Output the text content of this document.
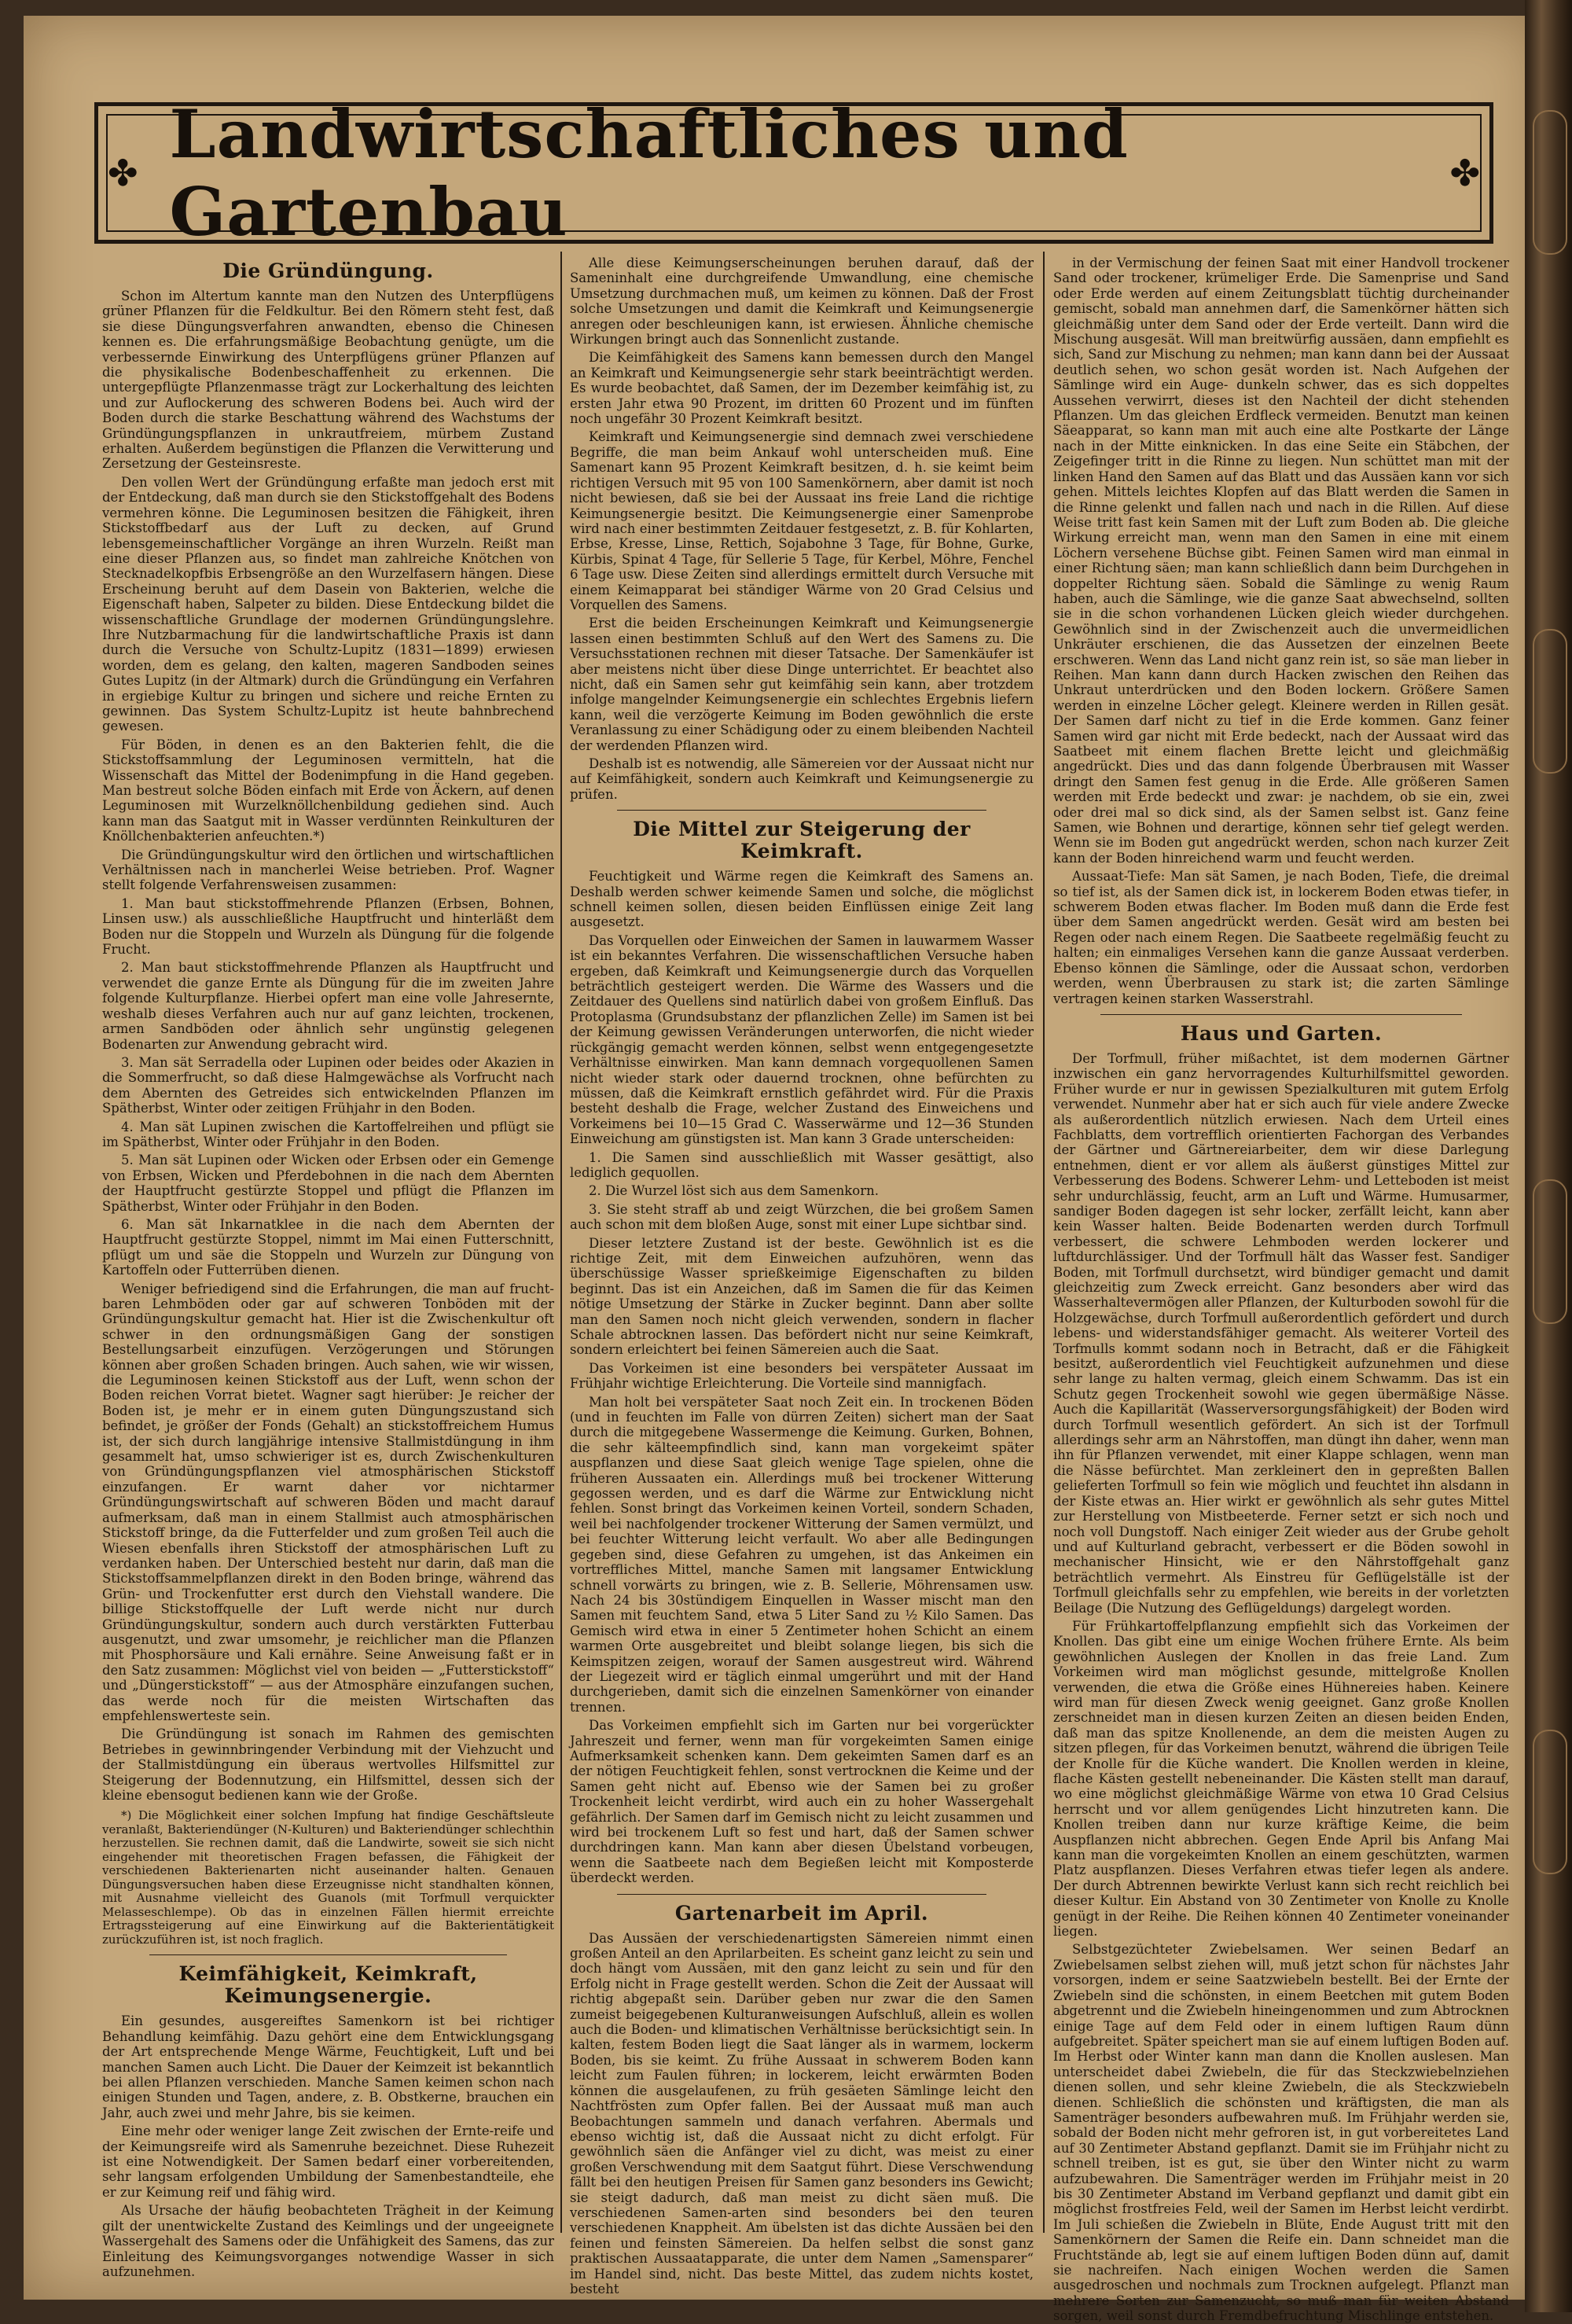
✤ Landwirtschaftliches und Gartenbau	✤
Die Gründüngung.

Schon im Altertum kannte man den Nutzen des Unterpflügens grüner Pflanzen für die Feldkultur. Bei den Römern steht fest, daß sie diese Düngungsverfahren anwandten, ebenso die Chinesen kennen es. Die erfahrungsmäßige Beobachtung genügte, um die verbessernde Einwirkung des Unterpflügens grüner Pflanzen auf die physikalische Bodenbeschaffenheit zu erkennen. Die untergepflügte Pflanzenmasse trägt zur Lockerhaltung des leichten und zur Auflockerung des schweren Bodens bei. Auch wird der Boden durch die starke Beschattung während des Wachstums der Gründüngungspflanzen in unkrautfreiem, mürbem Zustand erhalten. Außerdem begünstigen die Pflanzen die Verwitterung und Zersetzung der Gesteinsreste.

Den vollen Wert der Gründüngung erfaßte man jedoch erst mit der Entdeckung, daß man durch sie den Stickstoffgehalt des Bodens vermehren könne. Die Leguminosen besitzen die Fähigkeit, ihren Stickstoffbedarf aus der Luft zu decken, auf Grund lebensgemeinschaftlicher Vorgänge an ihren Wurzeln. Reißt man eine dieser Pflanzen aus, so findet man zahlreiche Knötchen von Stecknadelkopfbis Erbsengröße an den Wurzelfasern hängen. Diese Erscheinung beruht auf dem Dasein von Bakterien, welche die Eigenschaft haben, Salpeter zu bilden. Diese Entdeckung bildet die wissenschaftliche Grundlage der modernen Gründüngungslehre. Ihre Nutzbarmachung für die landwirtschaftliche Praxis ist dann durch die Versuche von Schultz-Lupitz (1831—1899) erwiesen worden, dem es gelang, den kalten, mageren Sandboden seines Gutes Lupitz (in der Altmark) durch die Gründüngung ein Verfahren in ergiebige Kultur zu bringen und sichere und reiche Ernten zu gewinnen. Das System Schultz-Lupitz ist heute bahnbrechend gewesen.

Für Böden, in denen es an den Bakterien fehlt, die die Stickstoffsammlung der Leguminosen vermitteln, hat die Wissenschaft das Mittel der Bodenimpfung in die Hand gegeben. Man bestreut solche Böden einfach mit Erde von Äckern, auf denen Leguminosen mit Wurzelknöllchenbildung gediehen sind. Auch kann man das Saatgut mit in Wasser verdünnten Reinkulturen der Knöllchenbakterien anfeuchten.*)

Die Gründüngungskultur wird den örtlichen und wirtschaftlichen Verhältnissen nach in mancherlei Weise betrieben. Prof. Wagner stellt folgende Verfahrensweisen zusammen:

1. Man baut stickstoffmehrende Pflanzen (Erbsen, Bohnen, Linsen usw.) als ausschließliche Hauptfrucht und hinterläßt dem Boden nur die Stoppeln und Wurzeln als Düngung für die folgende Frucht.

2. Man baut stickstoffmehrende Pflanzen als Hauptfrucht und verwendet die ganze Ernte als Düngung für die im zweiten Jahre folgende Kulturpflanze. Hierbei opfert man eine volle Jahresernte, weshalb dieses Verfahren auch nur auf ganz leichten, trockenen, armen Sandböden oder ähnlich sehr ungünstig gelegenen Bodenarten zur Anwendung gebracht wird.

3. Man sät Serradella oder Lupinen oder beides oder Akazien in die Sommerfrucht, so daß diese Halmgewächse als Vorfrucht nach dem Abernten des Getreides sich entwickelnden Pflanzen im Spätherbst, Winter oder zeitigen Frühjahr in den Boden.

4. Man sät Lupinen zwischen die Kartoffelreihen und pflügt sie im Spätherbst, Winter oder Frühjahr in den Boden.

5. Man sät Lupinen oder Wicken oder Erbsen oder ein Gemenge von Erbsen, Wicken und Pferdebohnen in die nach dem Abernten der Hauptfrucht gestürzte Stoppel und pflügt die Pflanzen im Spätherbst, Winter oder Frühjahr in den Boden.

6. Man sät Inkarnatklee in die nach dem Abernten der Hauptfrucht gestürzte Stoppel, nimmt im Mai einen Futterschnitt, pflügt um und säe die Stoppeln und Wurzeln zur Düngung von Kartoffeln oder Futterrüben dienen.

Weniger befriedigend sind die Erfahrungen, die man auf frucht- baren Lehmböden oder gar auf schweren Tonböden mit der Gründüngungskultur gemacht hat. Hier ist die Zwischenkultur oft schwer in den ordnungsmäßigen Gang der sonstigen Bestellungsarbeit einzufügen. Verzögerungen und Störungen können aber großen Schaden bringen. Auch sahen, wie wir wissen, die Leguminosen keinen Stickstoff aus der Luft, wenn schon der Boden reichen Vorrat bietet. Wagner sagt hierüber: Je reicher der Boden ist, je mehr er in einem guten Düngungszustand sich befindet, je größer der Fonds (Gehalt) an stickstoffreichem Humus ist, der sich durch langjährige intensive Stallmistdüngung in ihm gesammelt hat, umso schwieriger ist es, durch Zwischenkulturen von Gründüngungspflanzen viel atmosphärischen Stickstoff einzufangen. Er warnt daher vor nichtarmer Gründüngungswirtschaft auf schweren Böden und macht darauf aufmerksam, daß man in einem Stallmist auch atmosphärischen Stickstoff bringe, da die Futterfelder und zum großen Teil auch die Wiesen ebenfalls ihren Stickstoff der atmosphärischen Luft zu verdanken haben. Der Unterschied besteht nur darin, daß man die Stickstoffsammelpflanzen direkt in den Boden bringe, während das Grün- und Trockenfutter erst durch den Viehstall wandere. Die billige Stickstoffquelle der Luft werde nicht nur durch Gründüngungskultur, sondern auch durch verstärkten Futterbau ausgenutzt, und zwar umsomehr, je reichlicher man die Pflanzen mit Phosphorsäure und Kali ernähre. Seine Anweisung faßt er in den Satz zusammen: Möglichst viel von beiden — „Futterstickstoff“ und „Düngerstickstoff“ — aus der Atmosphäre einzufangen suchen, das werde noch für die meisten Wirtschaften das empfehlenswerteste sein.

Die Gründüngung ist sonach im Rahmen des gemischten Betriebes in gewinnbringender Verbindung mit der Viehzucht und der Stallmistdüngung ein überaus wertvolles Hilfsmittel zur Steigerung der Bodennutzung, ein Hilfsmittel, dessen sich der kleine ebensogut bedienen kann wie der Große.

*) Die Möglichkeit einer solchen Impfung hat findige Geschäftsleute veranlaßt, Bakteriendünger (N-Kulturen) und Bakteriendünger schlechthin herzustellen. Sie rechnen damit, daß die Landwirte, soweit sie sich nicht eingehender mit theoretischen Fragen befassen, die Fähigkeit der verschiedenen Bakterienarten nicht auseinander halten. Genauen Düngungsversuchen haben diese Erzeugnisse nicht standhalten können, mit Ausnahme vielleicht des Guanols (mit Torfmull verquickter Melasseschlempe). Ob das in einzelnen Fällen hiermit erreichte Ertragssteigerung auf eine Einwirkung auf die Bakterientätigkeit zurückzuführen ist, ist noch fraglich.

Keimfähigkeit, Keimkraft, Keimungsenergie.

Ein gesundes, ausgereiftes Samenkorn ist bei richtiger Behandlung keimfähig. Dazu gehört eine dem Entwicklungsgang der Art entsprechende Menge Wärme, Feuchtigkeit, Luft und bei manchen Samen auch Licht. Die Dauer der Keimzeit ist bekanntlich bei allen Pflanzen verschieden. Manche Samen keimen schon nach einigen Stunden und Tagen, andere, z. B. Obstkerne, brauchen ein Jahr, auch zwei und mehr Jahre, bis sie keimen.

Eine mehr oder weniger lange Zeit zwischen der Ernte-reife und der Keimungsreife wird als Samenruhe bezeichnet. Diese Ruhezeit ist eine Notwendigkeit. Der Samen bedarf einer vorbereitenden, sehr langsam erfolgenden Umbildung der Samenbestandteile, ehe er zur Keimung reif und fähig wird.

Als Ursache der häufig beobachteten Trägheit in der Keimung gilt der unentwickelte Zustand des Keimlings und der ungeeignete Wassergehalt des Samens oder die Unfähigkeit des Samens, das zur Einleitung des Keimungsvorganges notwendige Wasser in sich aufzunehmen.

Alle diese Keimungserscheinungen beruhen darauf, daß der Sameninhalt eine durchgreifende Umwandlung, eine chemische Umsetzung durchmachen muß, um keimen zu können. Daß der Frost solche Umsetzungen und damit die Keimkraft und Keimungsenergie anregen oder beschleunigen kann, ist erwiesen. Ähnliche chemische Wirkungen bringt auch das Sonnenlicht zustande.

Die Keimfähigkeit des Samens kann bemessen durch den Mangel an Keimkraft und Keimungsenergie sehr stark beeinträchtigt werden. Es wurde beobachtet, daß Samen, der im Dezember keimfähig ist, zu ersten Jahr etwa 90 Prozent, im dritten 60 Prozent und im fünften noch ungefähr 30 Prozent Keimkraft besitzt.

Keimkraft und Keimungsenergie sind demnach zwei verschiedene Begriffe, die man beim Ankauf wohl unterscheiden muß. Eine Samenart kann 95 Prozent Keimkraft besitzen, d. h. sie keimt beim richtigen Versuch mit 95 von 100 Samenkörnern, aber damit ist noch nicht bewiesen, daß sie bei der Aussaat ins freie Land die richtige Keimungsenergie besitzt. Die Keimungsenergie einer Samenprobe wird nach einer bestimmten Zeitdauer festgesetzt, z. B. für Kohlarten, Erbse, Kresse, Linse, Rettich, Sojabohne 3 Tage, für Bohne, Gurke, Kürbis, Spinat 4 Tage, für Sellerie 5 Tage, für Kerbel, Möhre, Fenchel 6 Tage usw. Diese Zeiten sind allerdings ermittelt durch Versuche mit einem Keimapparat bei ständiger Wärme von 20 Grad Celsius und Vorquellen des Samens.

Erst die beiden Erscheinungen Keimkraft und Keimungsenergie lassen einen bestimmten Schluß auf den Wert des Samens zu. Die Versuchsstationen rechnen mit dieser Tatsache. Der Samenkäufer ist aber meistens nicht über diese Dinge unterrichtet. Er beachtet also nicht, daß ein Samen sehr gut keimfähig sein kann, aber trotzdem infolge mangelnder Keimungsenergie ein schlechtes Ergebnis liefern kann, weil die verzögerte Keimung im Boden gewöhnlich die erste Veranlassung zu einer Schädigung oder zu einem bleibenden Nachteil der werdenden Pflanzen wird.

Deshalb ist es notwendig, alle Sämereien vor der Aussaat nicht nur auf Keimfähigkeit, sondern auch Keimkraft und Keimungsenergie zu prüfen.

Die Mittel zur Steigerung der Keimkraft.

Feuchtigkeit und Wärme regen die Keimkraft des Samens an. Deshalb werden schwer keimende Samen und solche, die möglichst schnell keimen sollen, diesen beiden Einflüssen einige Zeit lang ausgesetzt.

Das Vorquellen oder Einweichen der Samen in lauwarmem Wasser ist ein bekanntes Verfahren. Die wissenschaftlichen Versuche haben ergeben, daß Keimkraft und Keimungsenergie durch das Vorquellen beträchtlich gesteigert werden. Die Wärme des Wassers und die Zeitdauer des Quellens sind natürlich dabei von großem Einfluß. Das Protoplasma (Grundsubstanz der pflanzlichen Zelle) im Samen ist bei der Keimung gewissen Veränderungen unterworfen, die nicht wieder rückgängig gemacht werden können, selbst wenn entgegengesetzte Verhältnisse einwirken. Man kann demnach vorgequollenen Samen nicht wieder stark oder dauernd trocknen, ohne befürchten zu müssen, daß die Keimkraft ernstlich gefährdet wird. Für die Praxis besteht deshalb die Frage, welcher Zustand des Einweichens und Vorkeimens bei 10—15 Grad C. Wasserwärme und 12—36 Stunden Einweichung am günstigsten ist. Man kann 3 Grade unterscheiden:

1. Die Samen sind ausschließlich mit Wasser gesättigt, also lediglich gequollen.

2. Die Wurzel löst sich aus dem Samenkorn.

3. Sie steht straff ab und zeigt Würzchen, die bei großem Samen auch schon mit dem bloßen Auge, sonst mit einer Lupe sichtbar sind.

Dieser letztere Zustand ist der beste. Gewöhnlich ist es die richtige Zeit, mit dem Einweichen aufzuhören, wenn das überschüssige Wasser sprießkeimige Eigenschaften zu bilden beginnt. Das ist ein Anzeichen, daß im Samen die für das Keimen nötige Umsetzung der Stärke in Zucker beginnt. Dann aber sollte man den Samen noch nicht gleich verwenden, sondern in flacher Schale abtrocknen lassen. Das befördert nicht nur seine Keimkraft, sondern erleichtert bei feinen Sämereien auch die Saat.

Das Vorkeimen ist eine besonders bei verspäteter Aussaat im Frühjahr wichtige Erleichterung. Die Vorteile sind mannigfach.

Man holt bei verspäteter Saat noch Zeit ein. In trockenen Böden (und in feuchten im Falle von dürren Zeiten) sichert man der Saat durch die mitgegebene Wassermenge die Keimung. Gurken, Bohnen, die sehr kälteempfindlich sind, kann man vorgekeimt später auspflanzen und diese Saat gleich wenige Tage spielen, ohne die früheren Aussaaten ein. Allerdings muß bei trockener Witterung gegossen werden, und es darf die Wärme zur Entwicklung nicht fehlen. Sonst bringt das Vorkeimen keinen Vorteil, sondern Schaden, weil bei nachfolgender trockener Witterung der Samen vermülzt, und bei feuchter Witterung leicht verfault. Wo aber alle Bedingungen gegeben sind, diese Gefahren zu umgehen, ist das Ankeimen ein vortreffliches Mittel, manche Samen mit langsamer Entwicklung schnell vorwärts zu bringen, wie z. B. Sellerie, Möhrensamen usw. Nach 24 bis 30stündigem Einquellen in Wasser mischt man den Samen mit feuchtem Sand, etwa 5 Liter Sand zu ½ Kilo Samen. Das Gemisch wird etwa in einer 5 Zentimeter hohen Schicht an einem warmen Orte ausgebreitet und bleibt solange liegen, bis sich die Keimspitzen zeigen, worauf der Samen ausgestreut wird. Während der Liegezeit wird er täglich einmal umgerührt und mit der Hand durchgerieben, damit sich die einzelnen Samenkörner von einander trennen.

Das Vorkeimen empfiehlt sich im Garten nur bei vorgerückter Jahreszeit und ferner, wenn man für vorgekeimten Samen einige Aufmerksamkeit schenken kann. Dem gekeimten Samen darf es an der nötigen Feuchtigkeit fehlen, sonst vertrocknen die Keime und der Samen geht nicht auf. Ebenso wie der Samen bei zu großer Trockenheit leicht verdirbt, wird auch ein zu hoher Wassergehalt gefährlich. Der Samen darf im Gemisch nicht zu leicht zusammen und wird bei trockenem Luft so fest und hart, daß der Samen schwer durchdringen kann. Man kann aber diesen Übelstand vorbeugen, wenn die Saatbeete nach dem Begießen leicht mit Komposterde überdeckt werden.

Gartenarbeit im April.

Das Aussäen der verschiedenartigsten Sämereien nimmt einen großen Anteil an den Aprilarbeiten. Es scheint ganz leicht zu sein und doch hängt vom Aussäen, mit den ganz leicht zu sein und für den Erfolg nicht in Frage gestellt werden. Schon die Zeit der Aussaat will richtig abgepaßt sein. Darüber geben nur zwar die den Samen zumeist beigegebenen Kulturanweisungen Aufschluß, allein es wollen auch die Boden- und klimatischen Verhältnisse berücksichtigt sein. In kalten, festem Boden liegt die Saat länger als in warmem, lockerm Boden, bis sie keimt. Zu frühe Aussaat in schwerem Boden kann leicht zum Faulen führen; in lockerem, leicht erwärmten Boden können die ausgelaufenen, zu früh gesäeten Sämlinge leicht den Nachtfrösten zum Opfer fallen. Bei der Aussaat muß man auch Beobachtungen sammeln und danach verfahren. Abermals und ebenso wichtig ist, daß die Aussaat nicht zu dicht erfolgt. Für gewöhnlich säen die Anfänger viel zu dicht, was meist zu einer großen Verschwendung mit dem Saatgut führt. Diese Verschwendung fällt bei den heutigen Preisen für Samen ganz besonders ins Gewicht; sie steigt dadurch, daß man meist zu dicht säen muß. Die verschiedenen Samen-arten sind besonders bei den teuren verschiedenen Knappheit. Am übelsten ist das dichte Aussäen bei den feinen und feinsten Sämereien. Da helfen selbst die sonst ganz praktischen Aussaatapparate, die unter dem Namen „Samensparer“ im Handel sind, nicht. Das beste Mittel, das zudem nichts kostet, besteht

in der Vermischung der feinen Saat mit einer Handvoll trockener Sand oder trockener, krümeliger Erde. Die Samenprise und Sand oder Erde werden auf einem Zeitungsblatt tüchtig durcheinander gemischt, sobald man annehmen darf, die Samenkörner hätten sich gleichmäßig unter dem Sand oder der Erde verteilt. Dann wird die Mischung ausgesät. Will man breitwürfig aussäen, dann empfiehlt es sich, Sand zur Mischung zu nehmen; man kann dann bei der Aussaat deutlich sehen, wo schon gesät worden ist. Nach Aufgehen der Sämlinge wird ein Auge- dunkeln schwer, das es sich doppeltes Aussehen verwirrt, dieses ist den Nachteil der dicht stehenden Pflanzen. Um das gleichen Erdfleck vermeiden. Benutzt man keinen Säeapparat, so kann man mit auch eine alte Postkarte der Länge nach in der Mitte einknicken. In das eine Seite ein Stäbchen, der Zeigefinger tritt in die Rinne zu liegen. Nun schüttet man mit der linken Hand den Samen auf das Blatt und das Aussäen kann vor sich gehen. Mittels leichtes Klopfen auf das Blatt werden die Samen in die Rinne gelenkt und fallen nach und nach in die Rillen. Auf diese Weise tritt fast kein Samen mit der Luft zum Boden ab. Die gleiche Wirkung erreicht man, wenn man den Samen in eine mit einem Löchern versehene Büchse gibt. Feinen Samen wird man einmal in einer Richtung säen; man kann schließlich dann beim Durchgehen in doppelter Richtung säen. Sobald die Sämlinge zu wenig Raum haben, auch die Sämlinge, wie die ganze Saat abwechselnd, sollten sie in die schon vorhandenen Lücken gleich wieder durchgehen. Gewöhnlich sind in der Zwischenzeit auch die unvermeidlichen Unkräuter erschienen, die das Aussetzen der einzelnen Beete erschweren. Wenn das Land nicht ganz rein ist, so säe man lieber in Reihen. Man kann dann durch Hacken zwischen den Reihen das Unkraut unterdrücken und den Boden lockern. Größere Samen werden in einzelne Löcher gelegt. Kleinere werden in Rillen gesät. Der Samen darf nicht zu tief in die Erde kommen. Ganz feiner Samen wird gar nicht mit Erde bedeckt, nach der Aussaat wird das Saatbeet mit einem flachen Brette leicht und gleichmäßig angedrückt. Dies und das dann folgende Überbrausen mit Wasser dringt den Samen fest genug in die Erde. Alle größeren Samen werden mit Erde bedeckt und zwar: je nachdem, ob sie ein, zwei oder drei mal so dick sind, als der Samen selbst ist. Ganz feine Samen, wie Bohnen und derartige, können sehr tief gelegt werden. Wenn sie im Boden gut angedrückt werden, schon nach kurzer Zeit kann der Boden hinreichend warm und feucht werden.

Aussaat-Tiefe: Man sät Samen, je nach Boden, Tiefe, die dreimal so tief ist, als der Samen dick ist, in lockerem Boden etwas tiefer, in schwerem Boden etwas flacher. Im Boden muß dann die Erde fest über dem Samen angedrückt werden. Gesät wird am besten bei Regen oder nach einem Regen. Die Saatbeete regelmäßig feucht zu halten; ein einmaliges Versehen kann die ganze Aussaat verderben. Ebenso können die Sämlinge, oder die Aussaat schon, verdorben werden, wenn Überbrausen zu stark ist; die zarten Sämlinge vertragen keinen starken Wasserstrahl.

Haus und Garten.

Der Torfmull, früher mißachtet, ist dem modernen Gärtner inzwischen ein ganz hervorragendes Kulturhilfsmittel geworden. Früher wurde er nur in gewissen Spezialkulturen mit gutem Erfolg verwendet. Nunmehr aber hat er sich auch für viele andere Zwecke als außerordentlich nützlich erwiesen. Nach dem Urteil eines Fachblatts, dem vortrefflich orientierten Fachorgan des Verbandes der Gärtner und Gärtnereiarbeiter, dem wir diese Darlegung entnehmen, dient er vor allem als äußerst günstiges Mittel zur Verbesserung des Bodens. Schwerer Lehm- und Letteboden ist meist sehr undurchlässig, feucht, arm an Luft und Wärme. Humusarmer, sandiger Boden dagegen ist sehr locker, zerfällt leicht, kann aber kein Wasser halten. Beide Bodenarten werden durch Torfmull verbessert, die schwere Lehmboden werden lockerer und luftdurchlässiger. Und der Torfmull hält das Wasser fest. Sandiger Boden, mit Torfmull durchsetzt, wird bündiger gemacht und damit gleichzeitig zum Zweck erreicht. Ganz besonders aber wird das Wasserhaltevermögen aller Pflanzen, der Kulturboden sowohl für die Holzgewächse, durch Torfmull außerordentlich gefördert und durch lebens- und widerstandsfähiger gemacht. Als weiterer Vorteil des Torfmulls kommt sodann noch in Betracht, daß er die Fähigkeit besitzt, außerordentlich viel Feuchtigkeit aufzunehmen und diese sehr lange zu halten vermag, gleich einem Schwamm. Das ist ein Schutz gegen Trockenheit sowohl wie gegen übermäßige Nässe. Auch die Kapillarität (Wasserversorgungsfähigkeit) der Boden wird durch Torfmull wesentlich gefördert. An sich ist der Torfmull allerdings sehr arm an Nährstoffen, man düngt ihn daher, wenn man ihn für Pflanzen verwendet, mit einer Klappe schlagen, wenn man die Nässe befürchtet. Man zerkleinert den in gepreßten Ballen gelieferten Torfmull so fein wie möglich und feuchtet ihn alsdann in der Kiste etwas an. Hier wirkt er gewöhnlich als sehr gutes Mittel zur Herstellung von Mistbeeterde. Ferner setzt er sich noch und noch voll Dungstoff. Nach einiger Zeit wieder aus der Grube geholt und auf Kulturland gebracht, verbessert er die Böden sowohl in mechanischer Hinsicht, wie er den Nährstoffgehalt ganz beträchtlich vermehrt. Als Einstreu für Geflügelställe ist der Torfmull gleichfalls sehr zu empfehlen, wie bereits in der vorletzten Beilage (Die Nutzung des Geflügeldungs) dargelegt worden.

Für Frühkartoffelpflanzung empfiehlt sich das Vorkeimen der Knollen. Das gibt eine um einige Wochen frühere Ernte. Als beim gewöhnlichen Auslegen der Knollen in das freie Land. Zum Vorkeimen wird man möglichst gesunde, mittelgroße Knollen verwenden, die etwa die Größe eines Hühnereies haben. Keinere wird man für diesen Zweck wenig geeignet. Ganz große Knollen zerschneidet man in diesen kurzen Zeiten an diesen beiden Enden, daß man das spitze Knollenende, an dem die meisten Augen zu sitzen pflegen, für das Vorkeimen benutzt, während die übrigen Teile der Knolle für die Küche wandert. Die Knollen werden in kleine, flache Kästen gestellt nebeneinander. Die Kästen stellt man darauf, wo eine möglichst gleichmäßige Wärme von etwa 10 Grad Celsius herrscht und vor allem genügendes Licht hinzutreten kann. Die Knollen treiben dann nur kurze kräftige Keime, die beim Auspflanzen nicht abbrechen. Gegen Ende April bis Anfang Mai kann man die vorgekeimten Knollen an einem geschützten, warmen Platz auspflanzen. Dieses Verfahren etwas tiefer legen als andere. Der durch Abtrennen bewirkte Verlust kann sich recht reichlich bei dieser Kultur. Ein Abstand von 30 Zentimeter von Knolle zu Knolle genügt in der Reihe. Die Reihen können 40 Zentimeter voneinander liegen.

Selbstgezüchteter Zwiebelsamen. Wer seinen Bedarf an Zwiebelsamen selbst ziehen will, muß jetzt schon für nächstes Jahr vorsorgen, indem er seine Saatzwiebeln bestellt. Bei der Ernte der Zwiebeln sind die schönsten, in einem Beetchen mit gutem Boden abgetrennt und die Zwiebeln hineingenommen und zum Abtrocknen einige Tage auf dem Feld oder in einem luftigen Raum dünn aufgebreitet. Später speichert man sie auf einem luftigen Boden auf. Im Herbst oder Winter kann man dann die Knollen auslesen. Man unterscheidet dabei Zwiebeln, die für das Steckzwiebelnziehen dienen sollen, und sehr kleine Zwiebeln, die als Steckzwiebeln dienen. Schließlich die schönsten und kräftigsten, die man als Samenträger besonders aufbewahren muß. Im Frühjahr werden sie, sobald der Boden nicht mehr gefroren ist, in gut vorbereitetes Land auf 30 Zentimeter Abstand gepflanzt. Damit sie im Frühjahr nicht zu schnell treiben, ist es gut, sie über den Winter nicht zu warm aufzubewahren. Die Samenträger werden im Frühjahr meist in 20 bis 30 Zentimeter Abstand im Verband gepflanzt und damit gibt ein möglichst frostfreies Feld, weil der Samen im Herbst leicht verdirbt. Im Juli schießen die Zwiebeln in Blüte, Ende August tritt mit den Samenkörnern der Samen die Reife ein. Dann schneidet man die Fruchtstände ab, legt sie auf einem luftigen Boden dünn auf, damit sie nachreifen. Nach einigen Wochen werden die Samen ausgedroschen und nochmals zum Trocknen aufgelegt. Pflanzt man mehrere Sorten zur Samenzucht, so muß man für weiten Abstand sorgen, weil sonst durch Fremdbefruchtung Mischlinge entstehen.
